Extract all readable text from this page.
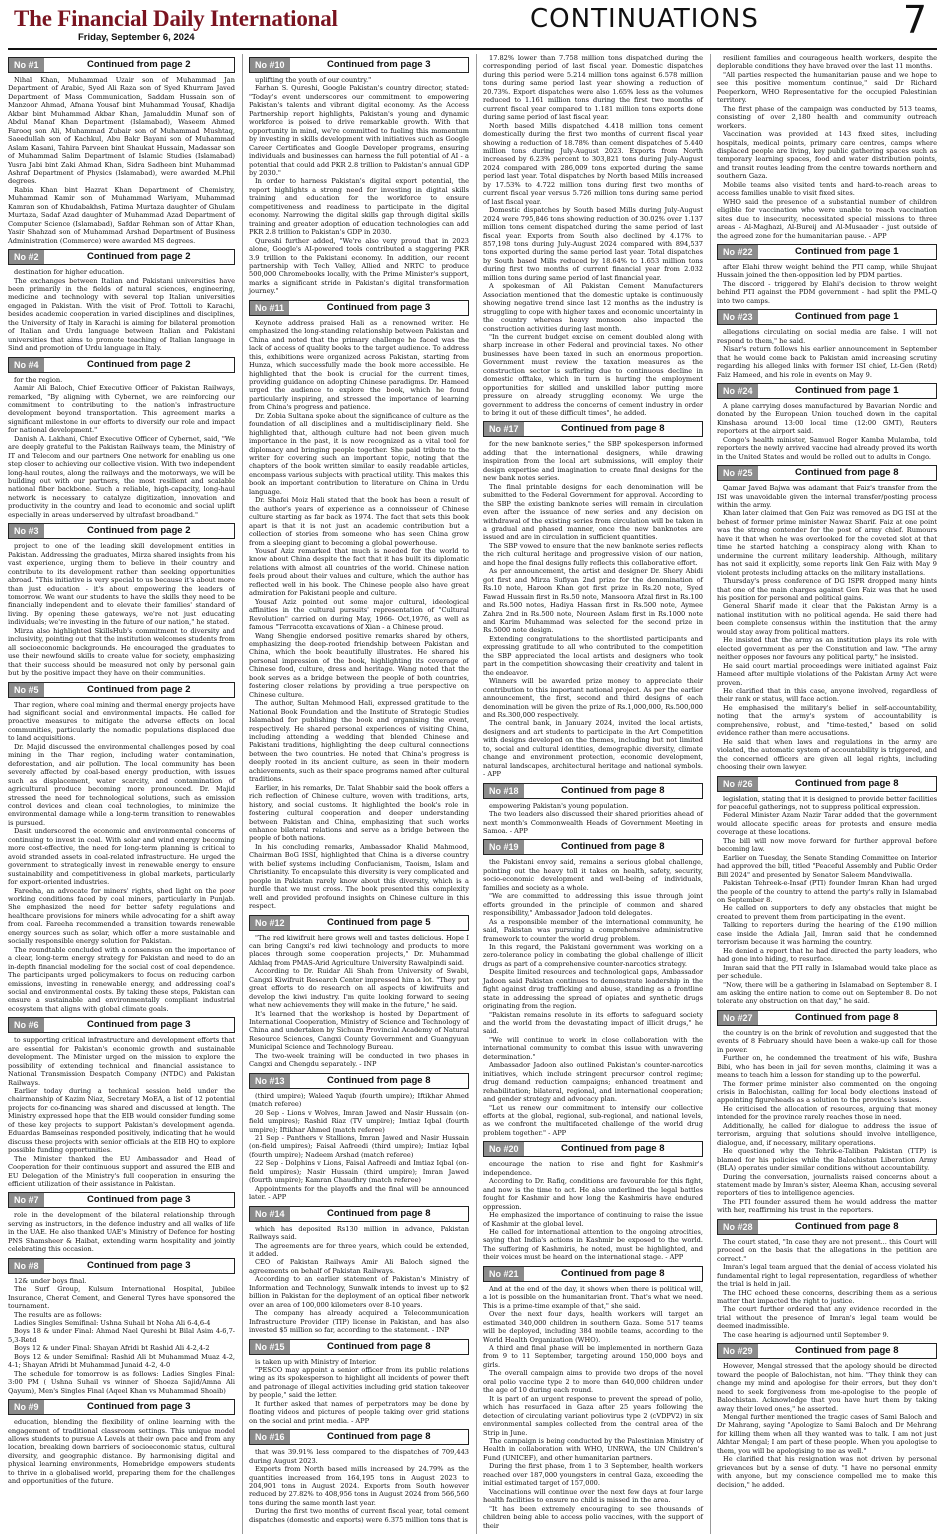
The Financial Daily International
Friday, September 6, 2024
CONTINUATIONS	7
No #1	Continued from page 2

Nihal Khan, Muhammad Uzair son of Muhammad Jan Department of Arabic, Syed Ali Raza son of Syed Khurram Javed Department of Mass Communication, Saddam Hussain son of Manzoor Ahmad, Afnana Yousaf bint Muhammad Yousaf, Khadija Akbar bint Muhammad Akbar Khan, Jamaluddin Munaf son of Abdul Manaf Khan Department (Islamabad), Waseem Ahmed Farooq son Ali, Muhammad Zubair son of Muhammad Mushtaq, Saeedullah son of Kachkul, Abu Bakr Bayani son of Muhammad Aslam Kasani, Tahira Parveen bint Shaukat Hussain, Madassar son of Muhammad Salim Department of Islamic Studies (Islamabad) Yusra Jabi bint Zaki Ahmad Khan, Sidra Sadheen bint Muhammad Ashraf Department of Physics (Islamabad), were awarded M.Phil degrees.

Rabia Khan bint Hazrat Khan Department of Chemistry, Muhammad Kamir son of Muhammad Wariyam, Muhammad Kamran son of Khudabakhsh, Fatima Murtaza daughter of Ghulam Murtaza, Sadaf Azad daughter of Muhammad Azad Department of Computer Science (Islamabad), Safdar Rehman son of Attar Khan, Yasir Shahzad son of Muhammad Arshad Department of Business Administration (Commerce) were awarded MS degrees.

No #2	Continued from page 2

destination for higher education.

The exchanges between Italian and Pakistani universities have been primarily in the fields of natural sciences, engineering, medicine and technology with several top Italian universities engaged in Pakistan. With the visit of Prof. Tottoli to Karachi, besides academic cooperation in varied disciplines and disciplines, the University of Italy in Karachi is aiming for bilateral promotion of Italian and Urdu language between Italian and Pakistani universities that aims to promote teaching of Italian language in Sind and promotion of Urdu language in Italy.

No #4	Continued from page 2

for the region.

Aamir Ali Baloch, Chief Executive Officer of Pakistan Railways, remarked, "By aligning with Cybernet, we are reinforcing our commitment to contributing to the nation's infrastructure development beyond transportation. This agreement marks a significant milestone in our efforts to diversify our role and impact for national development."

Danish A. Lakhani, Chief Executive Officer of Cybernet, said, "We are deeply grateful to the Pakistan Railways team, the Ministry of IT and Telecom and our partners One network for enabling us one step closer to achieving our collective vision. With two independent long-haul routes, along the railways and the motorways, we will be building out with our partners, the most resilient and scalable national fiber backbone. Such a reliable, high-capacity, long-haul network is necessary to catalyze digitization, innovation and productivity in the country and lead to economic and social uplift especially in areas underserved by ultrafast broadband."

No #3	Continued from page 2

project to one of the leading skill development entities in Pakistan. Addressing the graduates, Mirza shared insights from his vast experience, urging them to believe in their country and contribute to its development rather than seeking opportunities abroad. "This initiative is very special to us because it's about more than just education - it's about empowering the leaders of tomorrow. We want our students to have the skills they need to be financially independent and to elevate their families' standard of living. By opening these gateways, we're not just educating individuals; we're investing in the future of our nation," he stated.

Mirza also highlighted SkillsHub's commitment to diversity and inclusivity, pointing out that the institution welcomes students from all socioeconomic backgrounds. He encouraged the graduates to use their newfound skills to create value for society, emphasizing that their success should be measured not only by personal gain but by the positive impact they have on their communities.

No #5	Continued from page 2

Thar region, where coal mining and thermal energy projects have had significant social and environmental impacts. He called for proactive measures to mitigate the adverse effects on local communities, particularly the nomadic populations displaced due to land acquisitions.

Dr. Majid discussed the environmental challenges posed by coal mining in the Thar region, including water contamination, deforestation, and air pollution. The local community has been severely affected by coal-based energy production, with issues such as displacement, water scarcity, and contamination of agricultural produce becoming more pronounced. Dr. Majid stressed the need for technological solutions, such as emission control devices and clean coal technologies, to minimize the environmental damage while a long-term transition to renewables is pursued.

Dasit underscored the economic and environmental concerns of continuing to invest in coal. With solar and wind energy becoming more cost-effective, the need for long-term planning is critical to avoid stranded assets in coal-related infrastructure. He urged the government to strategically invest in renewable energy to ensure sustainability and competitiveness in global markets, particularly for export-oriented industries.

Fareeha, an advocate for miners' rights, shed light on the poor working conditions faced by coal miners, particularly in Punjab. She emphasized the need for better safety regulations and healthcare provisions for miners while advocating for a shift away from coal. Fareeha recommended a transition towards renewable energy sources such as solar, which offer a more sustainable and socially responsible energy solution for Pakistan.

The roundtable concluded with a consensus on the importance of a clear, long-term energy strategy for Pakistan and need to do an in-depth financial modeling for the social cost of coal dependence. The participants urged policymakers to focus on reducing carbon emissions, investing in renewable energy, and addressing coal's social and environmental costs. By taking these steps, Pakistan can ensure a sustainable and environmentally compliant industrial ecosystem that aligns with global climate goals.

No #6	Continued from page 3

to supporting critical infrastructure and development efforts that are essential for Pakistan's economic growth and sustainable development. The Minister urged on the mission to explore the possibility of extending technical and financial assistance to National Transmission Despatch Company (NTDC) and Pakistan Railways.

Earlier today during a technical session held under the chairmanship of Kazim Niaz, Secretary MoEA, a list of 12 potential projects for co-financing was shared and discussed at length. The Ministry expressed hope that the EIB would consider funding some of these key projects to support Pakistan's development agenda. Eduardas Bamseinas responded positively, indicating that he would discuss these projects with senior officials at the EIB HQ to explore possible funding opportunities.

The Minister thanked the EU Ambassador and Head of Cooperation for their continuous support and assured the EIB and EU Delegation of the Ministry's full cooperation in ensuring the efficient utilization of their assistance in Pakistan.

No #7	Continued from page 3

role in the development of the bilateral relationship through serving as instructors, in the defence industry and all walks of life in the UAE. He also thanked UAE's Ministry of Defence for hosting PNS Shamsheer & Haibat, extending warm hospitality and jointly celebrating this occasion.

No #8	Continued from page 3

12& under boys final.

The Surf Group, Kulsum International Hospital, Jubilee Insurance, Cherat Cement, and General Tyres have sponsored the tournament.

The results are as follows:

Ladies Singles Semifinal: Ushna Suhail bt Noha Ali 6-4,6-4

Boys 18 & under Final: Ahmad Nael Qureshi bt Bilal Asim 4-6,7-5,3-Retd

Boys 12 & under Final: Shayan Afridi bt Rashid Ali 4-2,4-2

Boys 12 & under Semifinal: Rashid Ali bt Muhammad Muaz 4-2, 4-1; Shayan Afridi bt Muhammad Junaid 4-2, 4-0

The schedule for tomorrow is as follows: Ladies Singles Final: 3:00 PM ( Ushna Suhail vs winner of Shoeza Sajid/Amna Ali Qayum), Men's Singles Final (Aqeel Khan vs Muhammad Shoaib)

No #9	Continued from page 3

education, blending the flexibility of online learning with the engagement of traditional classroom settings. This unique model allows students to pursue A Levels at their own pace and from any location, breaking down barriers of socioeconomic status, cultural diversity, and geographic distance. By harmonising digital and physical learning environments, Homebridge empowers students to thrive in a globalised world, preparing them for the challenges and opportunities of the future.

No #10	Continued from page 3

uplifting the youth of our country."

Farhan S. Qureshi, Google Pakistan's country director, stated: "Today's event underscores our commitment to empowering Pakistan's talents and vibrant digital economy. As the Access Partnership report highlights, Pakistan's young and dynamic workforce is poised to drive remarkable growth. With that opportunity in mind, we're committed to fueling this momentum by investing in skills development with initiatives such as Google Career Certificates and Google Developer programs, ensuring individuals and businesses can harness the full potential of AI - a potential that could add PKR 2.8 trillion to Pakistan's annual GDP by 2030."

In order to harness Pakistan's digital export potential, the report highlights a strong need for investing in digital skills training and education for the workforce to ensure competitiveness and readiness to participate in the digital economy. Narrowing the digital skills gap through digital skills training and greater adoption of education technologies can add PKR 2.8 trillion to Pakistan's GDP in 2030.

Qureshi further added, "We're also very proud that in 2023 alone, Google's AI-powered tools contributed a staggering PKR 3.9 trillion to the Pakistani economy. In addition, our recent partnership with Tech Valley, Allied and NRTC to produce 500,000 Chromebooks locally, with the Prime Minister's support, marks a significant stride in Pakistan's digital transformation journey."

No #11	Continued from page 3

Keynote address praised Hali as a renowned writer. He emphasized the long-standing relationship between Pakistan and China and noted that the primary challenge he faced was the lack of access of quality books to the target audience. To address this, exhibitions were organized across Pakistan, starting from Hunza, which successfully made the book more accessible. He highlighted that the book is crucial for the current times, providing guidance on adopting Chinese paradigms. Dr. Hameed urged the audience to explore the book, which he found particularly inspiring, and stressed the importance of learning from China's progress and patience.

Dr. Zobia Sultana spoke about the significance of culture as the foundation of all disciplines and a multidisciplinary field. She highlighted that, although culture had not been given much importance in the past, it is now recognized as a vital tool for diplomacy and bringing people together. She paid tribute to the writer for covering such an important topic, noting that the chapters of the book written similar to easily readable articles, encompass various subjects with practical utility. This makes this book an important contribution to literature on China in Urdu language.

Dr. Shafei Moiz Hali stated that the book has been a result of the author's years of experience as a connoisseur of Chinese culture starting as far back as 1974. The fact that sets this book apart is that it is not just an academic contribution but a collection of stories from someone who has seen China grow from a sleeping giant to becoming a global powerhouse.

Yousaf Aziz remarked that much is needed for the world to know about China despite the fact that it has built its diplomatic relations with almost all countries of the world. Chinese nation feels proud about their values and culture, which the author has reflected well in his book. The Chinese people also have great admiration for Pakistani people and culture.

Yousaf Aziz pointed out some major cultural, ideological affinities in the cultural pursuits' representation of "Cultural Revolution" carried on during May, 1966- Oct,1976, as well as famous "Terracotta excavations of Xian - a Chinese proud.

Wang Shengjie endorsed positive remarks shared by others, emphasizing the deep-rooted friendship between Pakistan and China, which the book beautifully illustrates. He shared his personal impression of the book, highlighting its coverage of Chinese food, culture, dress and heritage. Wang noted that the book serves as a bridge between the people of both countries, fostering closer relations by providing a true perspective on Chinese culture.

The author, Sultan Mehmood Hali, expressed gratitude to the National Book Foundation and the Institute of Strategic Studies Islamabad for publishing the book and organising the event, respectively. He shared personal experiences of visiting China, including attending a wedding that blended Chinese and Pakistani traditions, highlighting the deep cultural connections between the two countries. He noted that China's progress is deeply rooted in its ancient culture, as seen in their modern achievements, such as their space programs named after cultural traditions.

Earlier, in his remarks, Dr. Talat Shabbir said the book offers a rich reflection of Chinese culture, woven with traditions, arts, history, and social customs. It highlighted the book's role in fostering cultural cooperation and deeper understanding between Pakistan and China, emphasizing that such works enhance bilateral relations and serve as a bridge between the people of both nations.

In his concluding remarks, Ambassador Khalid Mahmood, Chairman BoG ISSI, highlighted that China is a diverse country with belief systems including Confucianism, Taoism, Islam and Christianity. To encapsulate this diversity is very complicated and people in Pakistan rarely know about this diversity, which is a hurdle that we must cross. The book presented this complexity well and provided profound insights on Chinese culture in this respect.

No #12	Continued from page 5

"The red kiwifruit here grows well and tastes delicious. Hope I can bring Cangxi's red kiwi technology and products to more places through some cooperation projects," Dr. Muhammad Akhlaq from PMAS-Arid Agriculture University Rawalpindi said.

According to Dr. Ruidar Ali Shah from University of Swabi, Cangxi Kiwifruit Research Center impressed him a lot. "They put great efforts to do research on all aspects of kiwifruits and develop the kiwi industry. I'm quite looking forward to seeing what new achievements they will make in the future," he said.

It's learned that the workshop is hosted by Department of International Cooperation, Ministry of Science and Technology of China and undertaken by Sichuan Provincial Academy of Natural Resource Sciences, Cangxi County Government and Guangyuan Municipal Science and Technology Bureau.

The two-week training will be conducted in two phases in Cangxi and Chengdu separately. - INP

No #13	Continued from page 8

(third umpire); Waleed Yaqub (fourth umpire); Iftikhar Ahmed (match referee)

20 Sep - Lions v Wolves, Imran Jawed and Nasir Hussain (on-field umpires); Rashid Riaz (TV umpire); Imtiaz Iqbal (fourth umpire); Iftikhar Ahmed (match referee)

21 Sep - Panthers v Stallions, Imran Jawed and Nasir Hussain (on-field umpires); Faisal Aafreedi (third umpire); Imtiaz Iqbal (fourth umpire); Nadeem Arshad (match referee)

22 Sep - Dolphins v Lions, Faisal Aafreedi and Imtiaz Iqbal (on-field umpires); Nasir Hussain (third umpire); Imran Jawed (fourth umpire); Kamran Chaudhry (match referee)

Appointments for the playoffs and the final will be announced later. - APP

No #14	Continued from page 8

which has deposited Rs130 million in advance, Pakistan Railways said.

The agreements are for three years, which could be extended, it added.

CEO of Pakistan Railways Amir Ali Baloch signed the agreements on behalf of Pakistan Railways.

According to an earlier statement of Pakistan's Ministry of Information and Technology, Sunwalk intends to invest up to $2 billion in Pakistan for the deployment of an optical fiber network over an area of 100,000 kilometers over 8-10 years.

The company has already acquired a Telecommunication Infrastructure Provider (TIP) license in Pakistan, and has also invested $5 million so far, according to the statement. - INP

No #15	Continued from page 8

is taken up with Ministry of Interior.

"PESCO may appoint a senior officer from its public relations wing as its spokesperson to highlight all incidents of power theft and patronage of illegal activities including grid station takeover by people," said the letter.

It further asked that names of perpetrators may be done by floating videos and pictures of people taking over grid stations on the social and print media. - APP

No #16	Continued from page 8

that was 39.91% less compared to the dispatches of 709,443 during August 2023.

Exports from North based mills increased by 24.79% as the quantities increased from 164,195 tons in August 2023 to 204,901 tons in August 2024. Exports from South however reduced by 27.82% to 408,956 tons in August 2024 from 566,560 tons during the same month last year.

During the first two months of current fiscal year, total cement dispatches (domestic and exports) were 6.375 million tons that is

17.82% lower than 7.758 million tons dispatched during the corresponding period of last fiscal year. Domestic dispatches during this period were 5.214 million tons against 6.578 million tons during same period last year showing a reduction of 20.73%. Export dispatches were also 1.65% less as the volumes reduced to 1.161 million tons during the first two months of current fiscal year compared to 1.181 million tons exports done during same period of last fiscal year.

North based Mills dispatched 4.418 million tons cement domestically during the first two months of current fiscal year showing a reduction of 18.78% than cement dispatches of 5.440 million tons during July-August 2023. Exports from North increased by 6.23% percent to 303,821 tons during July-August 2024 compared with 286,009 tons exported during the same period last year. Total dispatches by North based Mills increased by 17.53% to 4.722 million tons during first two months of current fiscal year versus 5.726 million tons during same period of last fiscal year.

Domestic dispatches by South based Mills during July-August 2024 were 795,846 tons showing reduction of 30.02% over 1.137 million tons cement dispatched during the same period of last fiscal year. Exports from South also declined by 4.17% to 857,198 tons during July-August 2024 compared with 894,537 tons exported during the same period last year. Total dispatches by South based Mills reduced by 18.64% to 1.653 million tons during first two months of current financial year from 2.032 million tons during same period of last financial year.

A spokesman of All Pakistan Cement Manufacturers Association mentioned that the domestic uptake is continuously showing negative trend since last 12 months as the industry is struggling to cope with higher taxes and economic uncertainty in the country whereas heavy monsoon also impacted the construction activities during last month.

"In the current budget excise on cement doubled along with sharp increase in other Federal and provincial taxes. No other businesses have been taxed in such an enormous proportion. Government must review the taxation measures as the construction sector is suffering due to continuous decline in domestic offtake, which in turn is hurting the employment opportunities for skilled and unskilled labor putting more pressure on already struggling economy. We urge the government to address the concerns of cement industry in order to bring it out of these difficult times", he added.

No #17	Continued from page 8

for the new banknote series," the SBP spokesperson informed adding that the international designers, while drawing inspiration from the local art submissions, will employ their design expertise and imagination to create final designs for the new bank notes series.

The final printable designs for each denomination will be submitted to the Federal Government for approval. According to the SBP the existing banknote series will remain in circulation even after the issuance of new series and any decision on withdrawal of the existing series from circulation will be taken in a gradual and phased manner, once the new banknotes are issued and are in circulation in sufficient quantities.

The SBP vowed to ensure that the new banknote series reflects the rich cultural heritage and progressive vision of our nation, and hope the final designs fully reflects this collaborative effort.

As per announcement, the artist and designer Dr. Shery Abidi got first and Mirza Sufiyan 2nd prize for the denomination of Rs.10 note, Haroon Khan got first prize in Rs.20 note, Syed Fawad Hussain first in Rs.50 note, Mansoora Afzal first in Rs.100 and Rs.500 notes, Hadiya Hassan first in Rs.500 note, Aymee Zahra 2nd in Rs.500 note, Noureen Aslam first in Rs.1000 note and Karim Muhammad was selected for the second prize in Rs.5000 note design.

Extending congratulations to the shortlisted participants and expressing gratitude to all who contributed to the competition the SBP appreciated the local artists and designers who took part in the competition showcasing their creativity and talent in the endeavor.

Winners will be awarded prize money to appreciate their contribution to this important national project. As per the earlier announcement, the first, second and third designs of each denomination will be given the prize of Rs.1,000,000, Rs.500,000 and Rs.300,000 respectively.

The central bank, in January 2024, invited the local artists, designers and art students to participate in the Art Competition with designs developed on the themes, including but not limited to, social and cultural identities, demographic diversity, climate change and environment protection, economic development, natural landscapes, architectural heritage and national symbols. - APP

No #18	Continued from page 8

empowering Pakistan's young population.

The two leaders also discussed their shared priorities ahead of next month's Commonwealth Heads of Government Meeting in Samoa. - APP

No #19	Continued from page 8

the Pakistani envoy said, remains a serious global challenge, pointing out the heavy toll it takes on health, safety, security, socio-economic development and well-being of individuals, families and society as a whole.

"We are committed to addressing this issue through joint efforts grounded in the principle of common and shared responsibility," Ambassador Jadoon told delegates.

As a responsible member of the international community, he said, Pakistan was pursuing a comprehensive administrative framework to counter the world drug problem.

In this regard, the Pakistani government was working on a zero-tolerance policy in combating the global challenge of illicit drugs as part of a comprehensive counter-narcotics strategy.

Despite limited resources and technological gaps, Ambassador Jadoon said Pakistan continues to demonstrate leadership in the fight against drug trafficking and abuse, standing as a frontline state in addressing the spread of opiates and synthetic drugs originating from the region.

"Pakistan remains resolute in its efforts to safeguard society and the world from the devastating impact of illicit drugs," he said.

"We will continue to work in close collaboration with the international community to combat this issue with unwavering determination."

Ambassador Jadoon also outlined Pakistan's counter-narcotics initiatives, which include stringent precursor control regime; drug demand reduction campaigns; enhanced treatment and rehabilitation; bilateral, regional, and international cooperation; and gender strategy and advocacy plan.

"Let us renew our commitment to intensify our collective efforts at the global, regional, sub-regional, and national levels, as we confront the multifaceted challenge of the world drug problem together." - APP

No #20	Continued from page 8

encourage the nation to rise and fight for Kashmir's independence.

According to Dr. Rafiq, conditions are favourable for this fight, and now is the time to act. He also underlined the legal battles fought for Kashmir and how long the Kashmiris have endured oppression.

He emphasized the importance of continuing to raise the issue of Kashmir at the global level.

He called for international attention to the ongoing atrocities, saying that India's actions in Kashmir be exposed to the world. The suffering of Kashmiris, he noted, must be highlighted, and their voices must be heard on the international stage. - APP

No #21	Continued from page 8

And at the end of the day, it shows when there is political will, a lot is possible on the humanitarian front. That's what we need. This is a prime-time example of that," she said.

Over the next four days, health workers will target an estimated 340,000 children in southern Gaza. Some 517 teams will be deployed, including 384 mobile teams, according to the World Health Organization (WHO).

A third and final phase will be implemented in northern Gaza from 9 to 11 September, targeting around 150,000 boys and girls.

The overall campaign aims to provide two drops of the novel oral polio vaccine type 2 to more than 640,000 children under the age of 10 during each round.

It is part of an urgent response to prevent the spread of polio, which has resurfaced in Gaza after 25 years following the detection of circulating variant poliovirus type 2 (cVDPV2) in six environmental samples collected from the central area of the Strip in June.

The campaign is being conducted by the Palestinian Ministry of Health in collaboration with WHO, UNRWA, the UN Children's Fund (UNICEF), and other humanitarian partners.

During the first phase, from 1 to 3 September, health workers reached over 187,000 youngsters in central Gaza, exceeding the initial estimated target of 157,000.

Vaccinations will continue over the next few days at four large health facilities to ensure no child is missed in the area.

"It has been extremely encouraging to see thousands of children being able to access polio vaccines, with the support of their

resilient families and courageous health workers, despite the deplorable conditions they have braved over the last 11 months.

"All parties respected the humanitarian pause and we hope to see this positive momentum continue," said Dr Richard Peeperkorn, WHO Representative for the occupied Palestinian territory.

The first phase of the campaign was conducted by 513 teams, consisting of over 2,180 health and community outreach workers.

Vaccination was provided at 143 fixed sites, including hospitals, medical points, primary care centres, camps where displaced people are living, key public gathering spaces such as temporary learning spaces, food and water distribution points, and transit routes leading from the centre towards northern and southern Gaza.

Mobile teams also visited tents and hard-to-reach areas to access families unable to visit fixed sites.

WHO said the presence of a substantial number of children eligible for vaccination who were unable to reach vaccination sites due to insecurity, necessitated special missions to three areas - Al-Maghazi, Al-Bureij and Al-Musaader - just outside of the agreed zone for the humanitarian pause. - APP

No #22	Continued from page 1

after Elahi threw weight behind the PTI camp, while Shujaat Hussain joined the then-opposition led by PDM parties.

The discord - triggered by Elahi's decision to throw weight behind PTI against the PDM government - had split the PML-Q into two camps.

No #23	Continued from page 1

allegations circulating on social media are false. I will not respond to them," he said.

Nisar's return follows his earlier announcement in September that he would come back to Pakistan amid increasing scrutiny regarding his alleged links with former ISI chief, Lt-Gen (Retd) Faiz Hameed, and his role in events on May 9.

No #24	Continued from page 1

A plane carrying doses manufactured by Bavarian Nordic and donated by the European Union touched down in the capital Kinshasa around 13:00 local time (12:00 GMT), Reuters reporters at the airport said.

Congo's health minister, Samuel Roger Kamba Mulamba, told reporters the newly arrived vaccine had already proved its worth in the United States and would be rolled out to adults in Congo.

No #25	Continued from page 8

Qamar Javed Bajwa was adamant that Faiz's transfer from the ISI was unavoidable given the internal transfer/posting process within the army.

Khan later claimed that Gen Faiz was removed as DG ISI at the behest of former prime minister Nawaz Sharif. Faiz at one point was the strong contender for the post of army chief. Rumours have it that when he was overlooked for the coveted slot at that time he started hatching a conspiracy along with Khan to undermine the current military leadership. Although, military has not said it explicitly, some reports link Gen Faiz with May 9 violent protests including attacks on the military installations.

Thursday's press conference of DG ISPR dropped many hints that one of the main charges against Gen Faiz was that he used his position for personal and political gains.

General Sharif made it clear that the Pakistan Army is a national institution with no political agenda. He said there had been complete consensus within the institution that the army would stay away from political matters.

He insisted that the army as an institution plays its role with elected government as per the Constitution and law. "The army neither opposes nor favours any political party," he insisted.

He said court martial proceedings were initiated against Faiz Hameed after multiple violations of the Pakistan Army Act were proven.

He clarified that in this case, anyone involved, regardless of their rank or status, will face action.

He emphasised the military's belief in self-accountability, noting that the army's system of accountability is comprehensive, robust, and "time-tested," based on solid evidence rather than mere accusations.

He said that when laws and regulations in the army are violated, the automatic system of accountability is triggered, and the concerned officers are given all legal rights, including choosing their own lawyer.

No #26	Continued from page 8

legislation, stating that it is designed to provide better facilities for peaceful gatherings, not to suppress political expression.

Federal Minister Azam Nazir Tarar added that the government would allocate specific areas for protests and ensure media coverage at these locations.

The bill will now move forward for further approval before becoming law.

Earlier on Tuesday, the Senate Standing Committee on Interior had approved the bill, titled "Peaceful Assembly and Public Order Bill 2024" and presented by Senator Saleem Mandviwalla.

Pakistan Tehreek-e-Insaf (PTI) founder Imran Khan had urged the people of the country to attend the party's rally in Islamabad on September 8.

He called on supporters to defy any obstacles that might be created to prevent them from participating in the event.

Talking to reporters during the hearing of the £190 million case inside the Adiala Jail, Imran said that he condemned terrorism because it was harming the country.

He denied a report that he had directed the party leaders, who had gone into hiding, to resurface.

Imran said that the PTI rally in Islamabad would take place as per schedule.

"Now, there will be a gathering in Islamabad on September 8. I am asking the entire nation to come out on September 8. Do not tolerate any obstruction on that day," he said.

No #27	Continued from page 8

the country is on the brink of revolution and suggested that the events of 8 February should have been a wake-up call for those in power.

Further on, he condemned the treatment of his wife, Bushra Bibi, who has been in jail for seven months, claiming it was a means to teach him a lesson for standing up to the powerful.

The former prime minister also commented on the ongoing crisis in Balochistan, calling for local body elections instead of appointing figureheads as a solution to the province's issues.

He criticised the allocation of resources, arguing that money intended for the province rarely reaches those in need.

Additionally, he called for dialogue to address the issue of terrorism, arguing that solutions should involve intelligence, dialogue, and, if necessary, military operations.

He questioned why the Tehrik-e-Taliban Pakistan (TTP) is blamed for his policies while the Balochistan Liberation Army (BLA) operates under similar conditions without accountability.

During the conversation, journalists raised concerns about a statement made by Imran's sister, Aleema Khan, accusing several reporters of ties to intelligence agencies.

The PTI founder assured them he would address the matter with her, reaffirming his trust in the reporters.

No #28	Continued from page 8

The court stated, "In case they are not present... this Court will proceed on the basis that the allegations in the petition are correct."

Imran's legal team argued that the denial of access violated his fundamental right to legal representation, regardless of whether the trial is held in jail.

The IHC echoed these concerns, describing them as a serious matter that impacted the right to justice.

The court further ordered that any evidence recorded in the trial without the presence of Imran's legal team would be deemed inadmissible.

The case hearing is adjourned until September 9.

No #29	Continued from page 8

However, Mengal stressed that the apology should be directed toward the people of Balochistan, not him. "They think they can change my mind and apologise for their errors, but they don't need to seek forgiveness from me-apologise to the people of Balochistan. Acknowledge that you have hurt them by taking away their loved ones," he asserted.

Mengal further mentioned the tragic cases of Sami Baloch and Dr Mahrang, saying "Apologize to Sami Baloch and Dr Mehrang for killing them when all they wanted was to talk. I am not just Akhtar Mengal; I am part of these people. When you apologise to them, you will be apologising to me as well."

He clarified that his resignation was not driven by personal grievances but by a sense of duty. "I have no personal enmity with anyone, but my conscience compelled me to make this decision," he added.
